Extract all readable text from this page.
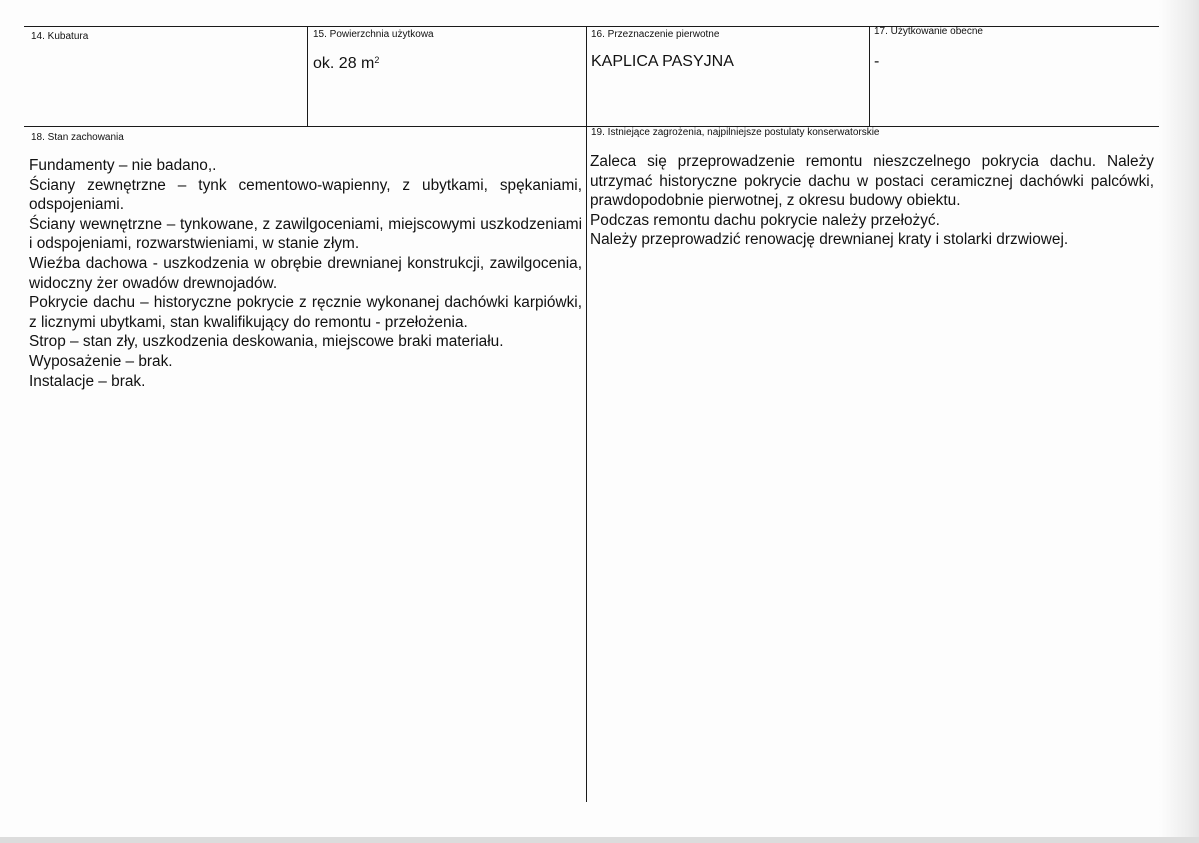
14. Kubatura	15. Powierzchnia użytkowa
ok. 28 $m^2$
16. Przeznaczenie pierwotne
KAPLICA PASYJNA
17. Użytkowanie obecne
-
18. Stan zachowania
Fundamenty – nie badano,.
Ściany zewnętrzne – tynk cementowo-wapienny, z ubytkami, spękaniami, odspojeniami.
Ściany wewnętrzne – tynkowane, z zawilgoceniami, miejscowymi uszkodzeniami i odspojeniami, rozwarstwieniami, w stanie złym.
Wieźba dachowa - uszkodzenia w obrębie drewnianej konstrukcji, zawilgocenia, widoczny żer owadów drewnojadów.
Pokrycie dachu – historyczne pokrycie z ręcznie wykonanej dachówki karpiówki, z licznymi ubytkami, stan kwalifikujący do remontu - przełożenia.
Strop – stan zły, uszkodzenia deskowania, miejscowe braki materiału.
Wyposażenie – brak.
Instalacje – brak.
19. Istniejące zagrożenia, najpilniejsze postulaty konserwatorskie
Zaleca się przeprowadzenie remontu nieszczelnego pokrycia dachu. Należy utrzymać historyczne pokrycie dachu w postaci ceramicznej dachówki palcówki, prawdopodobnie pierwotnej, z okresu budowy obiektu.
Podczas remontu dachu pokrycie należy przełożyć.
Należy przeprowadzić renowację drewnianej kraty i stolarki drzwiowej.
